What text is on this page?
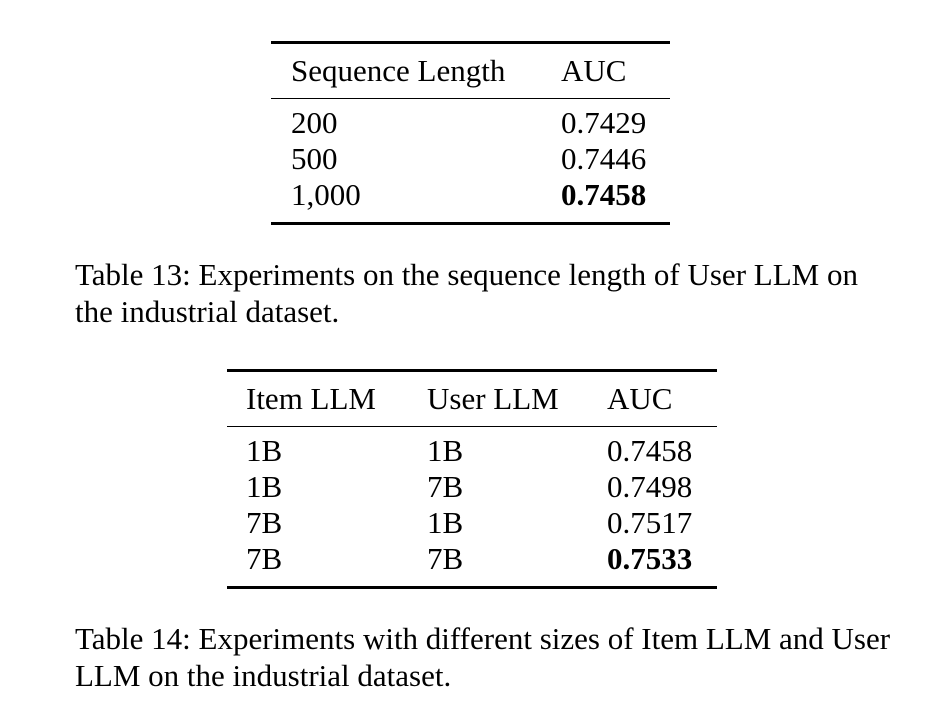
Sequence Length	AUC
200	0.7429
500	0.7446
1,000	0.7458

Table 13: Experiments on the sequence length of User LLM on the industrial dataset.

Item LLM	User LLM	AUC
1B	1B	0.7458
1B	7B	0.7498
7B	1B	0.7517
7B	7B	0.7533

Table 14: Experiments with different sizes of Item LLM and User LLM on the industrial dataset.
